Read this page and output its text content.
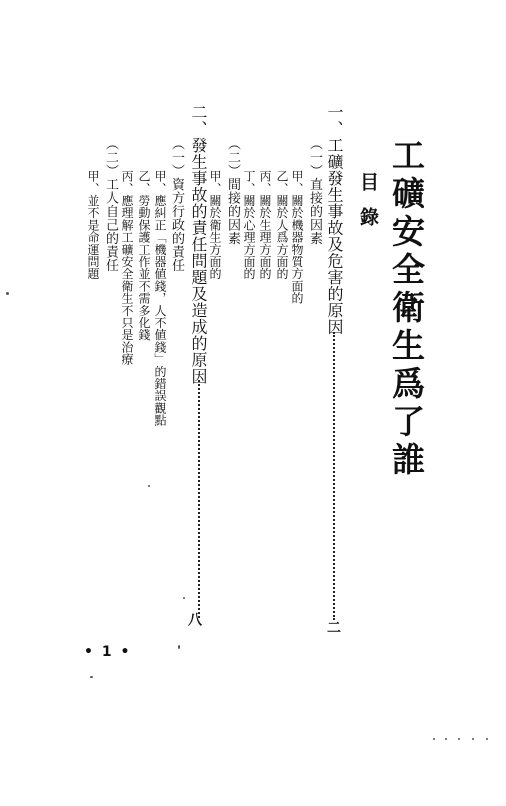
工礦安全衛生爲了誰
目錄
一、工礦發生事故及危害的原因
二
（一）直接的因素
甲、關於機器物質方面的
乙、關於人爲方面的
丙、關於生理方面的
丁、關於心理方面的
（二）間接的因素
甲、關於衛生方面的
二、發生事故的責任問題及造成的原因
八
（一）資方行政的責任
甲、應糾正「機器値錢，人不値錢」的錯誤觀點
乙、勞動保護工作並不需多化錢
丙、應理解工礦安全衛生不只是治療
（二）工人自己的責任
甲、並不是命運問題
• 1 •
